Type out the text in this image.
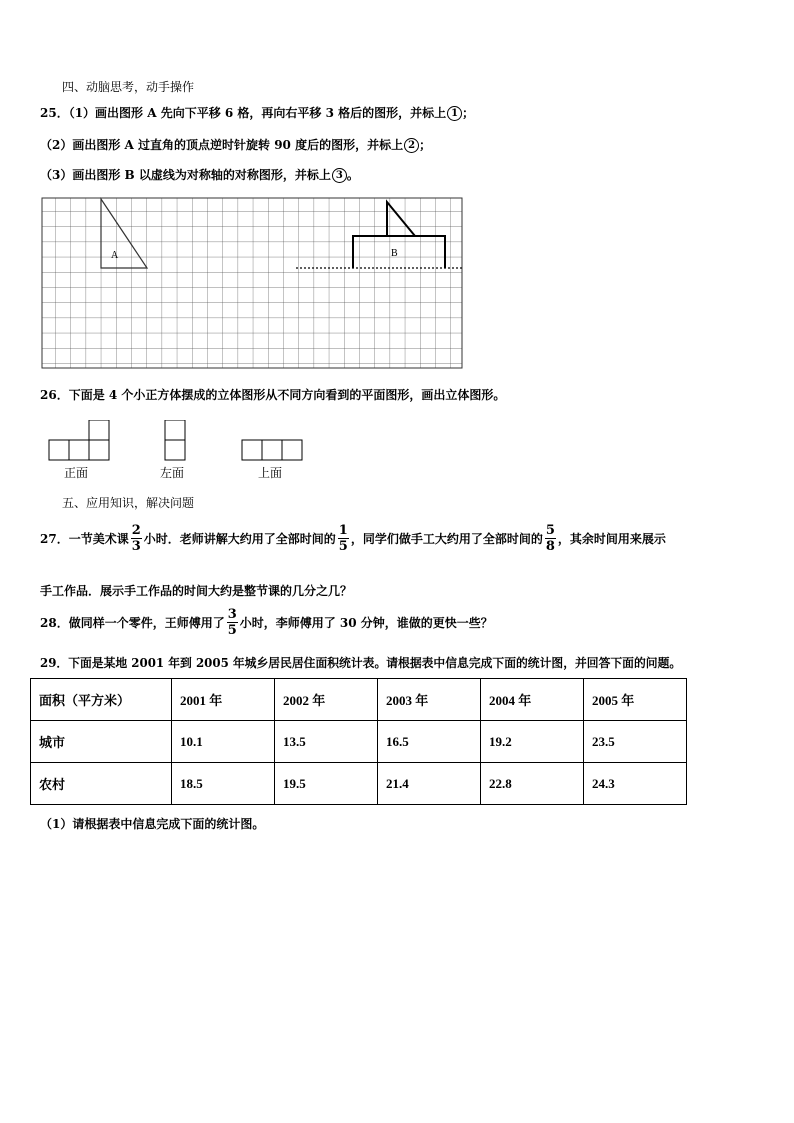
四、动脑思考，动手操作
25．（1）画出图形 A 先向下平移 6 格，再向右平移 3 格后的图形，并标上 1 ；
（2）画出图形 A 过直角的顶点逆时针旋转 90 度后的图形，并标上 2 ；
（3）画出图形 B 以虚线为对称轴的对称图形，并标上 3 。
A	B
26．下面是 4 个小正方体摆成的立体图形从不同方向看到的平面图形，画出立体图形。
正面	左面	上面
五、应用知识，解决问题
27．一节美术课 $\frac{2}{3}$ 小时．老师讲解大约用了全部时间的 $\frac{1}{5}$ ，同学们做手工大约用了全部时间的 $\frac{5}{8}$ ，其余时间用来展示
手工作品．展示手工作品的时间大约是整节课的几分之几？
28．做同样一个零件，王师傅用了 $\frac{3}{5}$ 小时，李师傅用了 30 分钟，谁做的更快一些？
29．下面是某地 2001 年到 2005 年城乡居民居住面积统计表。请根据表中信息完成下面的统计图，并回答下面的问题。
面积（平方米）	2001 年	2002 年	2003 年	2004 年	2005 年
城市	10.1	13.5	16.5	19.2	23.5
农村	18.5	19.5	21.4	22.8	24.3
（1）请根据表中信息完成下面的统计图。
